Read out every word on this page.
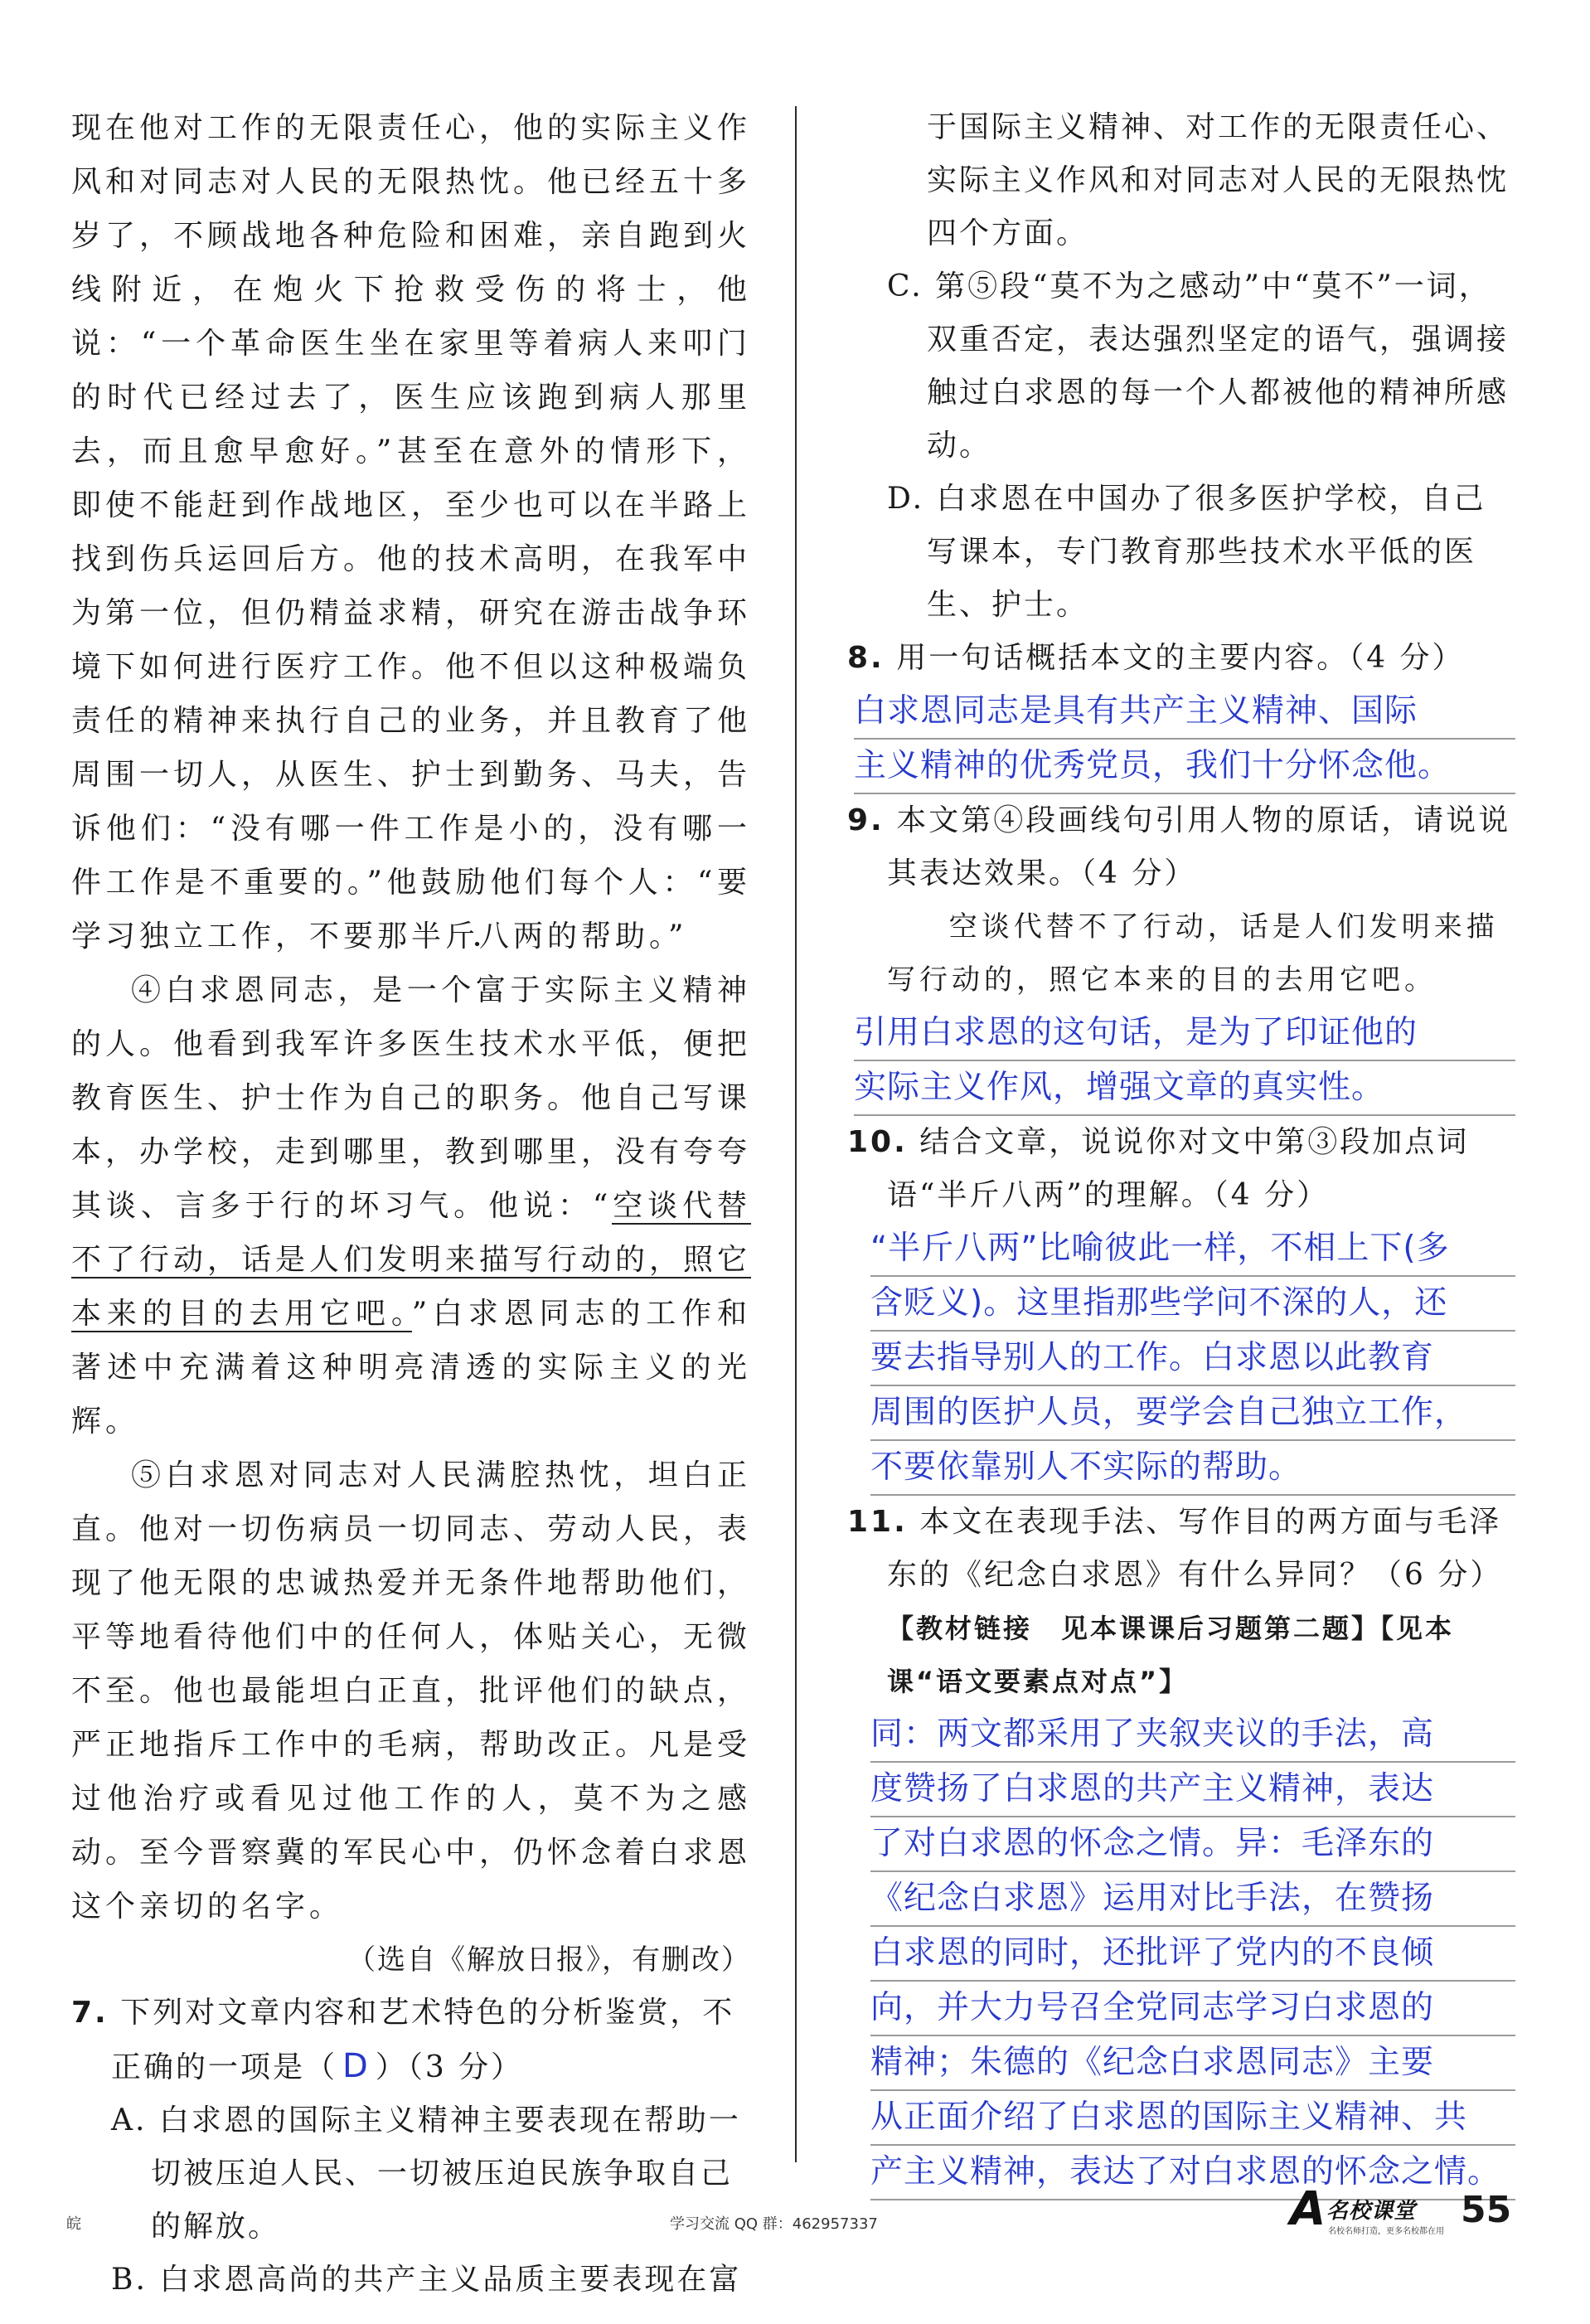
现在他对工作的无限责任心，他的实际主义作风和对同志对人民的无限热忱。他已经五十多岁了，不顾战地各种危险和困难，亲自跑到火线附近，在炮火下抢救受伤的将士，他说：“一个革命医生坐在家里等着病人来叩门的时代已经过去了，医生应该跑到病人那里去，而且愈早愈好。”甚至在意外的情形下，即使不能赶到作战地区，至少也可以在半路上找到伤兵运回后方。他的技术高明，在我军中为第一位，但仍精益求精，研究在游击战争环境下如何进行医疗工作。他不但以这种极端负责任的精神来执行自己的业务，并且教育了他周围一切人，从医生、护士到勤务、马夫，告诉他们：“没有哪一件工作是小的，没有哪一件工作是不重要的。”他鼓励他们每个人：“要学习独立工作，不要那半斤八两 •的帮助。”

④白求恩同志，是一个富于实际主义精神的人。他看到我军许多医生技术水平低，便把教育医生、护士作为自己的职务。他自己写课本，办学校，走到哪里，教到哪里，没有夸夸其谈、言多于行的坏习气。他说：“空谈代替不了行动，话是人们发明来描写行动的，照它本来的目的去用它吧。”白求恩同志的工作和著述中充满着这种明亮清透的实际主义的光辉。

⑤白求恩对同志对人民满腔热忱，坦白正直。他对一切伤病员一切同志、劳动人民，表现了他无限的忠诚热爱并无条件地帮助他们，平等地看待他们中的任何人，体贴关心，无微不至。他也最能坦白正直，批评他们的缺点，严正地指斥工作中的毛病，帮助改正。凡是受过他治疗或看见过他工作的人，莫不为之感动。至今晋察冀的军民心中，仍怀念着白求恩这个亲切的名字。

（选自《解放日报》，有删改）

7. 下列对文章内容和艺术特色的分析鉴赏，不正确的一项是（ D ）（3 分）

A. 白求恩的国际主义精神主要表现在帮助一切被压迫人民、一切被压迫民族争取自己的解放。

B. 白求恩高尚的共产主义品质主要表现在富

于国际主义精神、对工作的无限责任心、实际主义作风和对同志对人民的无限热忱四个方面。

C. 第⑤段“莫不为之感动”中“莫不”一词，双重否定，表达强烈坚定的语气，强调接触过白求恩的每一个人都被他的精神所感动。

D. 白求恩在中国办了很多医护学校，自己写课本，专门教育那些技术水平低的医生、护士。

8. 用一句话概括本文的主要内容。（4 分）

白求恩同志是具有共产主义精神、国际
主义精神的优秀党员，我们十分怀念他。

9. 本文第④段画线句引用人物的原话，请说说其表达效果。（4 分）

空谈代替不了行动，话是人们发明来描
写行动的，照它本来的目的去用它吧。

引用白求恩的这句话，是为了印证他的
实际主义作风，增强文章的真实性。

10. 结合文章，说说你对文中第③段加点词语“半斤八两”的理解。（4 分）

“半斤八两”比喻彼此一样，不相上下(多
含贬义)。这里指那些学问不深的人，还
要去指导别人的工作。白求恩以此教育
周围的医护人员，要学会自己独立工作，
不要依靠别人不实际的帮助。

11. 本文在表现手法、写作目的两方面与毛泽东的《纪念白求恩》有什么异同？（6 分）【教材链接　见本课课后习题第二题】【见本课“语文要素点对点”】

同：两文都采用了夹叙夹议的手法，高
度赞扬了白求恩的共产主义精神，表达
了对白求恩的怀念之情。异：毛泽东的
《纪念白求恩》运用对比手法，在赞扬
白求恩的同时，还批评了党内的不良倾
向，并大力号召全党同志学习白求恩的
精神；朱德的《纪念白求恩同志》主要
从正面介绍了白求恩的国际主义精神、共
产主义精神，表达了对白求恩的怀念之情。
皖	学习交流 QQ 群：462957337	A 名校课堂
名校名师打造，更多名校都在用
55
